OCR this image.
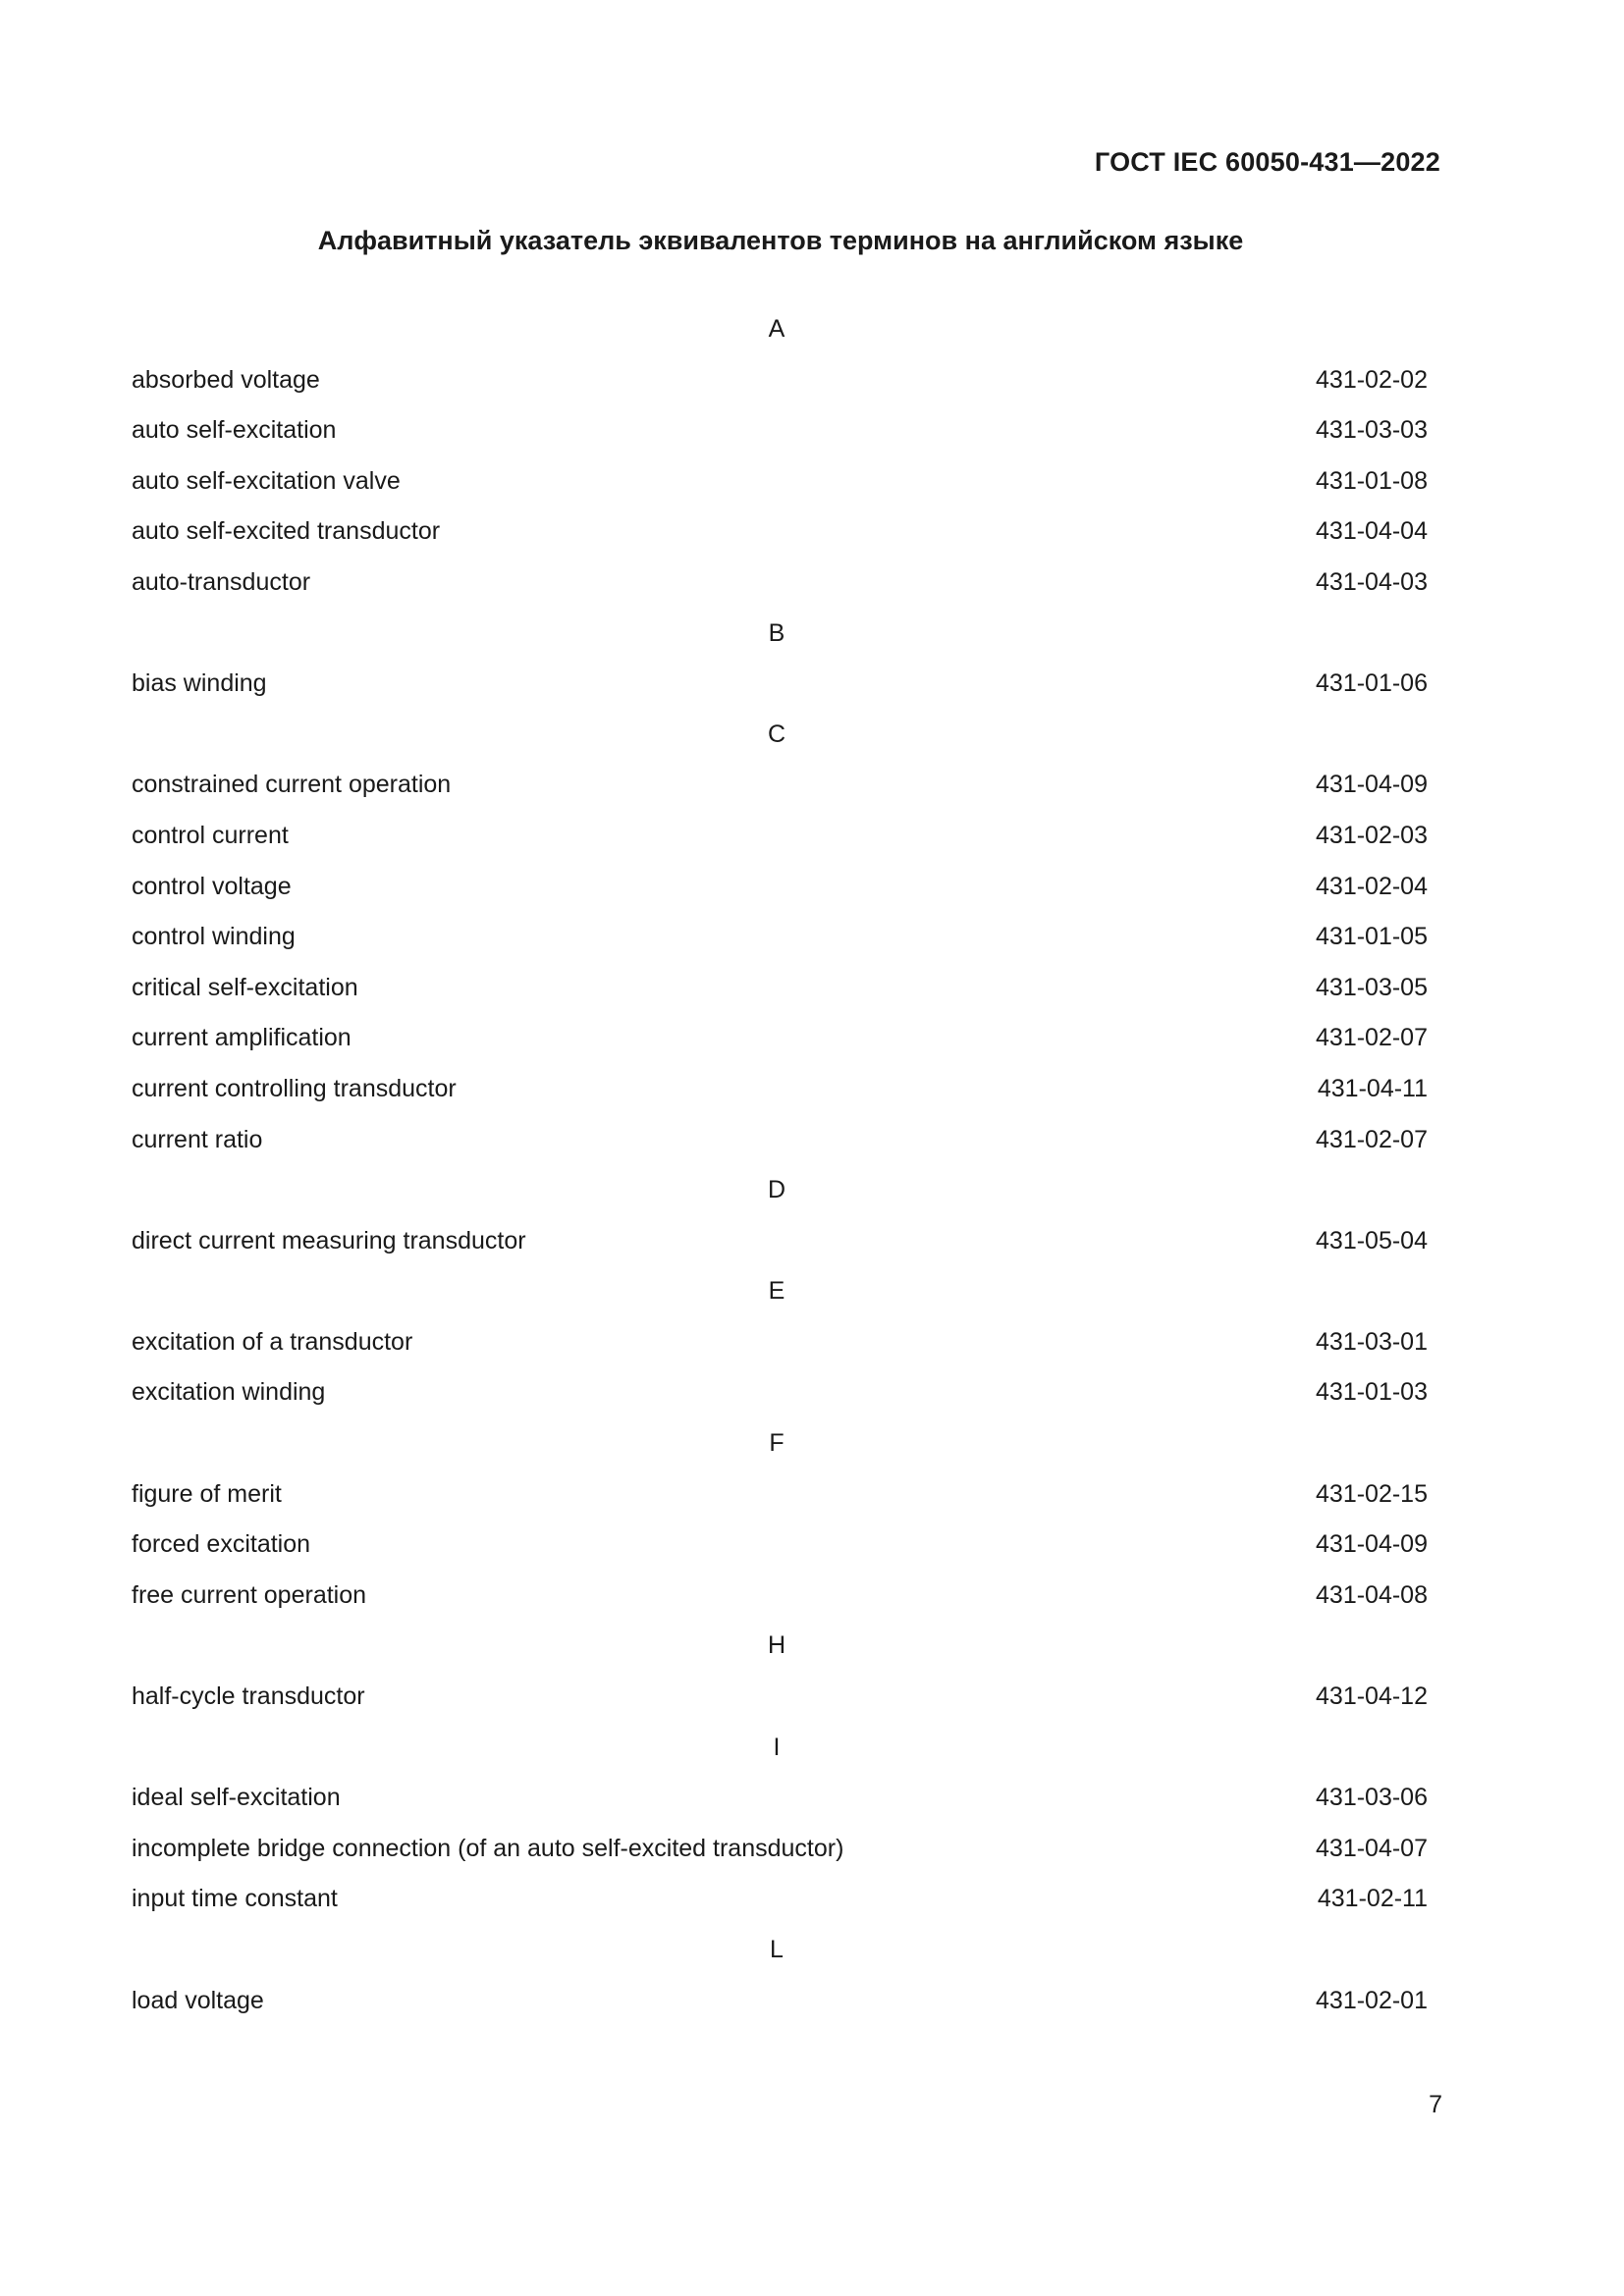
ГОСТ IEC 60050-431—2022
Алфавитный указатель эквивалентов терминов на английском языке
A
absorbed voltage	431-02-02
auto self-excitation	431-03-03
auto self-excitation valve	431-01-08
auto self-excited transductor	431-04-04
auto-transductor	431-04-03
B
bias winding	431-01-06
C
constrained current operation	431-04-09
control current	431-02-03
control voltage	431-02-04
control winding	431-01-05
critical self-excitation	431-03-05
current amplification	431-02-07
current controlling transductor	431-04-11
current ratio	431-02-07
D
direct current measuring transductor	431-05-04
E
excitation of a transductor	431-03-01
excitation winding	431-01-03
F
figure of merit	431-02-15
forced excitation	431-04-09
free current operation	431-04-08
H
half-cycle transductor	431-04-12
I
ideal self-excitation	431-03-06
incomplete bridge connection (of an auto self-excited transductor)	431-04-07
input time constant	431-02-11
L
load voltage	431-02-01
7
